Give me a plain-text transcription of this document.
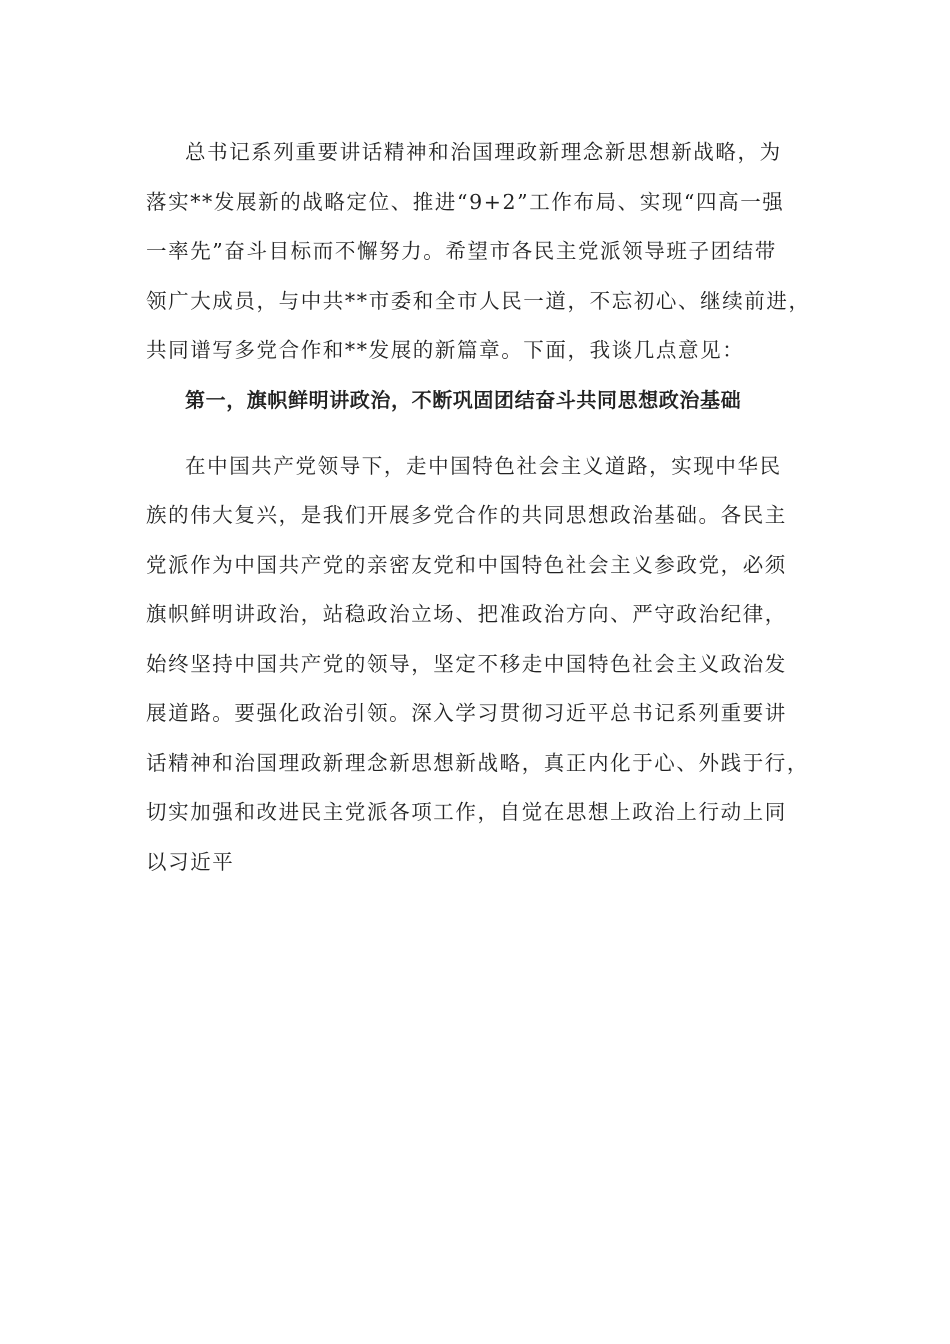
总书记系列重要讲话精神和治国理政新理念新思想新战略，为
落实**发展新的战略定位、推进“9+2”工作布局、实现“四高一强
一率先”奋斗目标而不懈努力。希望市各民主党派领导班子团结带
领广大成员，与中共**市委和全市人民一道，不忘初心、继续前进，
共同谱写多党合作和**发展的新篇章。下面，我谈几点意见：
第一，旗帜鲜明讲政治，不断巩固团结奋斗共同思想政治基础
在中国共产党领导下，走中国特色社会主义道路，实现中华民
族的伟大复兴，是我们开展多党合作的共同思想政治基础。各民主
党派作为中国共产党的亲密友党和中国特色社会主义参政党，必须
旗帜鲜明讲政治，站稳政治立场、把准政治方向、严守政治纪律，
始终坚持中国共产党的领导，坚定不移走中国特色社会主义政治发
展道路。要强化政治引领。深入学习贯彻习近平总书记系列重要讲
话精神和治国理政新理念新思想新战略，真正内化于心、外践于行，
切实加强和改进民主党派各项工作，自觉在思想上政治上行动上同
以习近平
